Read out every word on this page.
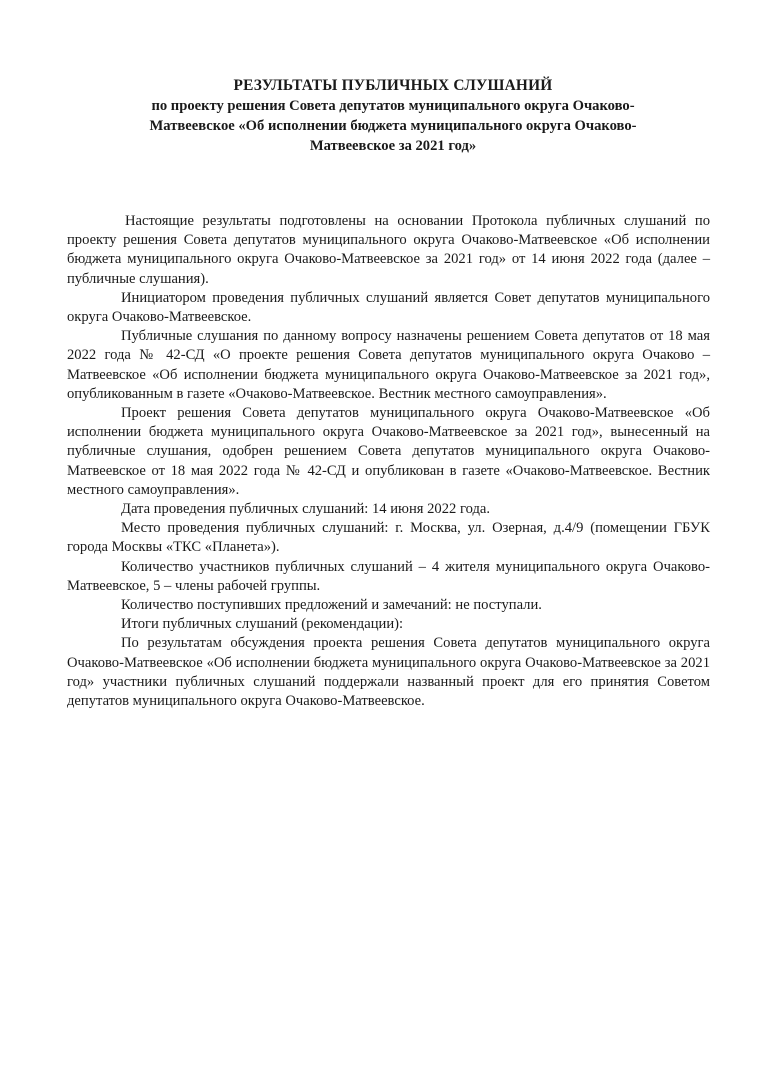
РЕЗУЛЬТАТЫ ПУБЛИЧНЫХ СЛУШАНИЙ
по проекту решения Совета депутатов муниципального округа Очаково-
Матвеевское «Об исполнении бюджета муниципального округа Очаково-
Матвеевское за 2021 год»

Настоящие результаты подготовлены на основании Протокола публичных слушаний по проекту решения Совета депутатов муниципального округа Очаково-Матвеевское «Об исполнении бюджета муниципального округа Очаково-Матвеевское за 2021 год» от 14 июня 2022 года (далее – публичные слушания).

Инициатором проведения публичных слушаний является Совет депутатов муниципального округа Очаково-Матвеевское.

Публичные слушания по данному вопросу назначены решением Совета депутатов от 18 мая 2022 года № 42-СД «О проекте решения Совета депутатов муниципального округа Очаково – Матвеевское «Об исполнении бюджета муниципального округа Очаково-Матвеевское за 2021 год», опубликованным в газете «Очаково-Матвеевское. Вестник местного самоуправления».

Проект решения Совета депутатов муниципального округа Очаково-Матвеевское «Об исполнении бюджета муниципального округа Очаково-Матвеевское за 2021 год», вынесенный на публичные слушания, одобрен решением Совета депутатов муниципального округа Очаково-Матвеевское от 18 мая 2022 года № 42-СД и опубликован в газете «Очаково-Матвеевское. Вестник местного самоуправления».

Дата проведения публичных слушаний: 14 июня 2022 года.

Место проведения публичных слушаний: г. Москва, ул. Озерная, д.4/9 (помещении ГБУК города Москвы «ТКС «Планета»).

Количество участников публичных слушаний – 4 жителя муниципального округа Очаково-Матвеевское, 5 – члены рабочей группы.

Количество поступивших предложений и замечаний: не поступали.

Итоги публичных слушаний (рекомендации):

По результатам обсуждения проекта решения Совета депутатов муниципального округа Очаково-Матвеевское «Об исполнении бюджета муниципального округа Очаково-Матвеевское за 2021 год» участники публичных слушаний поддержали названный проект для его принятия Советом депутатов муниципального округа Очаково-Матвеевское.
